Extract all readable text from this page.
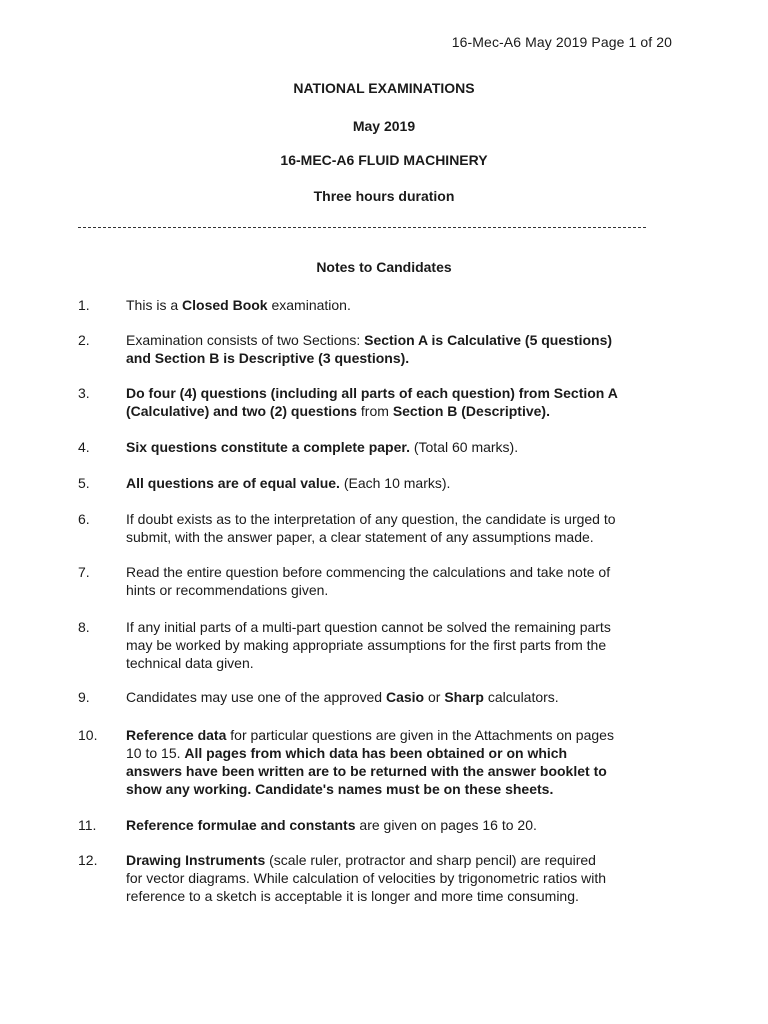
16-Mec-A6 May 2019 Page 1 of 20
NATIONAL EXAMINATIONS
May 2019
16-MEC-A6 FLUID MACHINERY
Three hours duration
Notes to Candidates
1.	This is a Closed Book examination.
2.	Examination consists of two Sections: Section A is Calculative (5 questions)
and Section B is Descriptive (3 questions).
3.	Do four (4) questions (including all parts of each question) from Section A
(Calculative) and two (2) questions from Section B (Descriptive).
4.	Six questions constitute a complete paper. (Total 60 marks).
5.	All questions are of equal value. (Each 10 marks).
6.	If doubt exists as to the interpretation of any question, the candidate is urged to
submit, with the answer paper, a clear statement of any assumptions made.
7.	Read the entire question before commencing the calculations and take note of
hints or recommendations given.
8.	If any initial parts of a multi-part question cannot be solved the remaining parts
may be worked by making appropriate assumptions for the first parts from the
technical data given.
9.	Candidates may use one of the approved Casio or Sharp calculators.
10.	Reference data for particular questions are given in the Attachments on pages
10 to 15. All pages from which data has been obtained or on which
answers have been written are to be returned with the answer booklet to
show any working. Candidate's names must be on these sheets.
11.	Reference formulae and constants are given on pages 16 to 20.
12.	Drawing Instruments (scale ruler, protractor and sharp pencil) are required
for vector diagrams. While calculation of velocities by trigonometric ratios with
reference to a sketch is acceptable it is longer and more time consuming.
